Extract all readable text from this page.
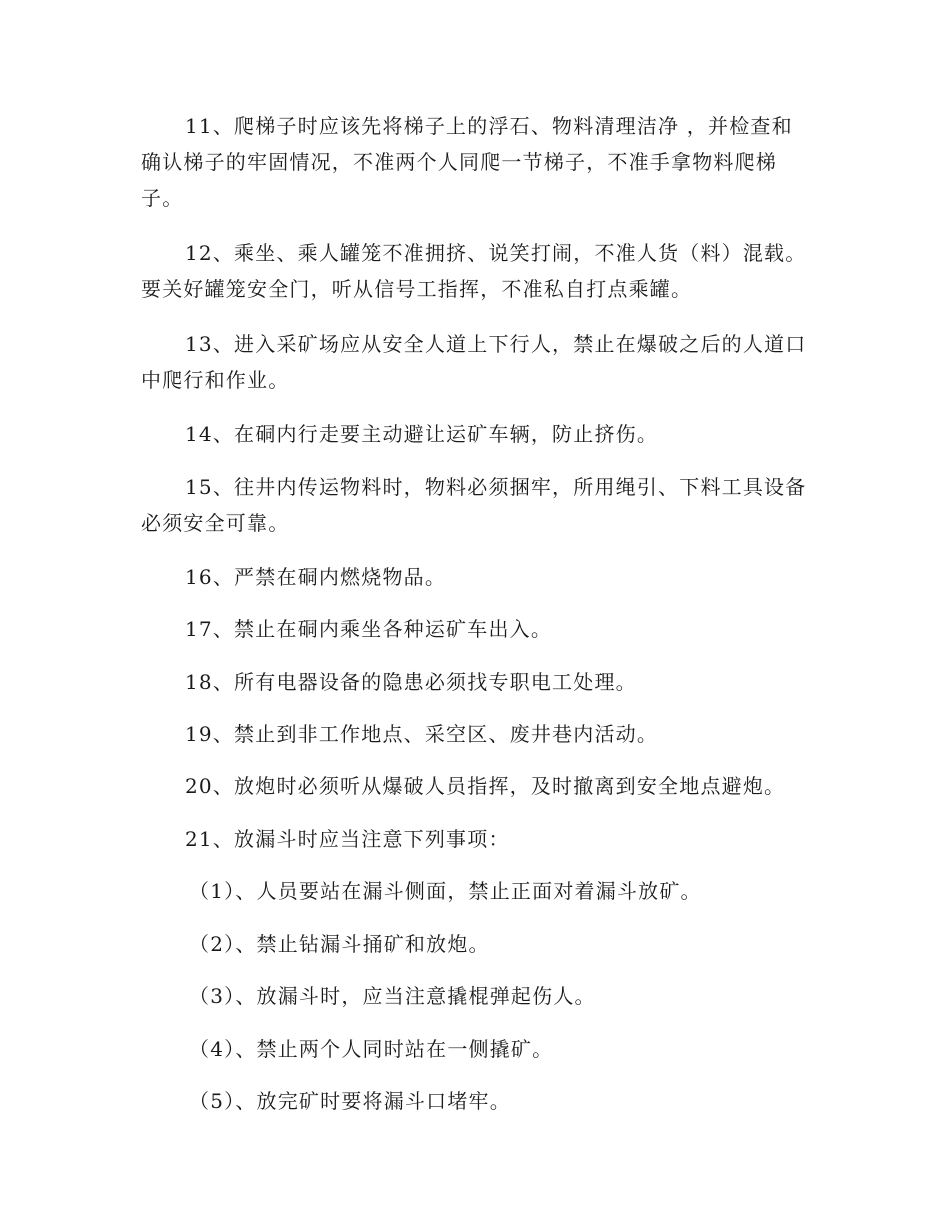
11、爬梯子时应该先将梯子上的浮石、物料清理洁净 ，并检查和确认梯子的牢固情况，不准两个人同爬一节梯子，不准手拿物料爬梯子。

12、乘坐、乘人罐笼不准拥挤、说笑打闹，不准人货（料）混载。要关好罐笼安全门，听从信号工指挥，不准私自打点乘罐。

13、进入采矿场应从安全人道上下行人，禁止在爆破之后的人道口中爬行和作业。

14、在硐内行走要主动避让运矿车辆，防止挤伤。

15、往井内传运物料时，物料必须捆牢，所用绳引、下料工具设备必须安全可靠。

16、严禁在硐内燃烧物品。

17、禁止在硐内乘坐各种运矿车出入。

18、所有电器设备的隐患必须找专职电工处理。

19、禁止到非工作地点、采空区、废井巷内活动。

20、放炮时必须听从爆破人员指挥，及时撤离到安全地点避炮。

21、放漏斗时应当注意下列事项：

（1）、人员要站在漏斗侧面，禁止正面对着漏斗放矿。

（2）、禁止钻漏斗捅矿和放炮。

（3）、放漏斗时，应当注意撬棍弹起伤人。

（4）、禁止两个人同时站在一侧撬矿。

（5）、放完矿时要将漏斗口堵牢。
